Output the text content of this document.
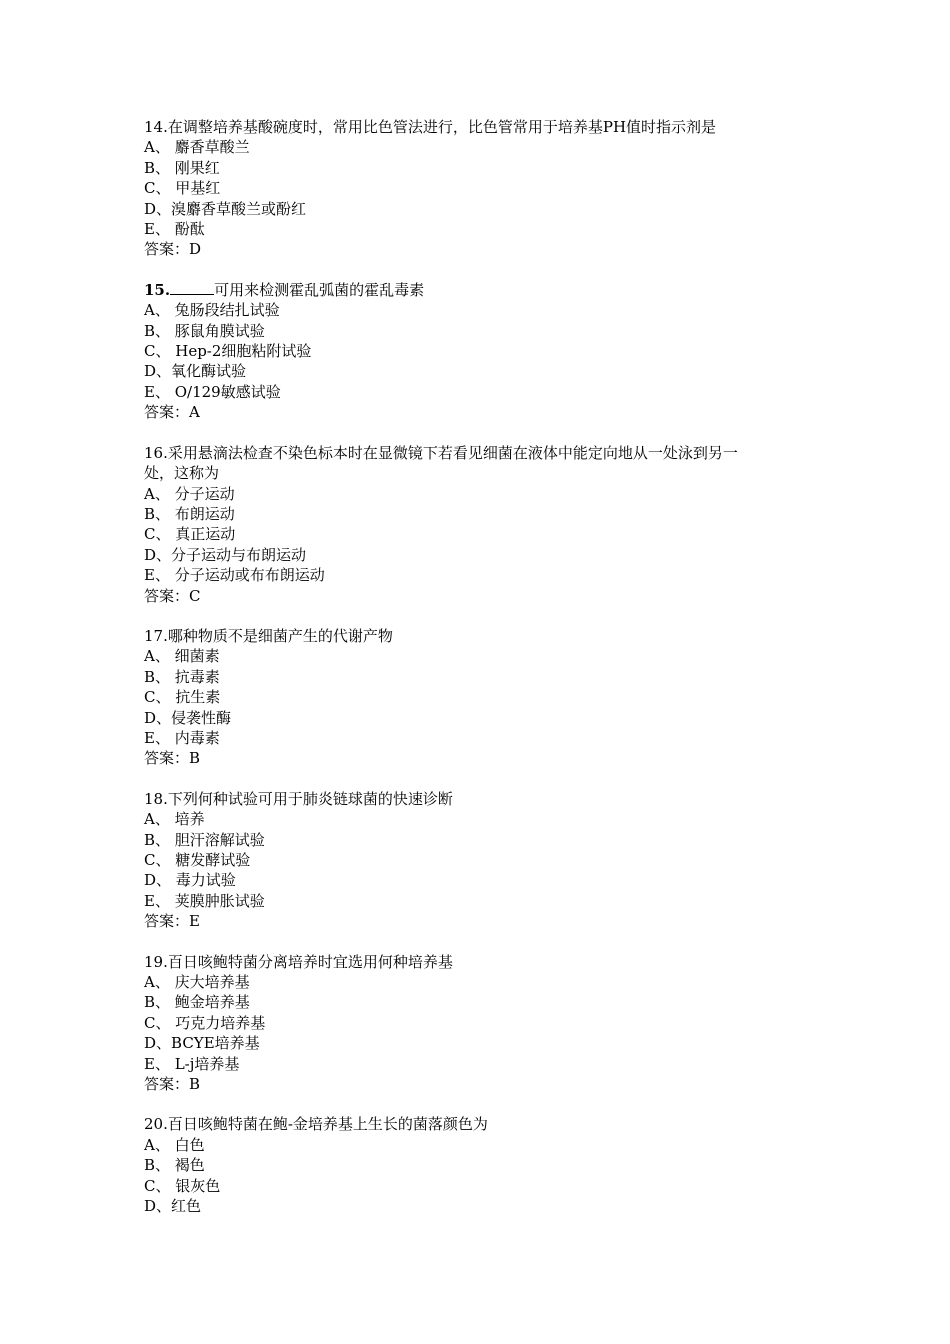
14.在调整培养基酸碗度时，常用比色管法进行，比色管常用于培养基PH值时指示剂是

A、 麝香草酸兰

B、 刚果红

C、 甲基红

D、溴麝香草酸兰或酚红

E、 酚酞

答案：D

15.	可用来检测霍乱弧菌的霍乱毒素

A、 兔肠段结扎试验

B、 豚鼠角膜试验

C、 Hep-2细胞粘附试验

D、氧化酶试验

E、 O/129敏感试验

答案：A

16.采用悬滴法检查不染色标本时在显微镜下若看见细菌在液体中能定向地从一处泳到另一

处，这称为

A、 分子运动

B、 布朗运动

C、 真正运动

D、分子运动与布朗运动

E、 分子运动或布布朗运动

答案：C

17.哪种物质不是细菌产生的代谢产物

A、 细菌素

B、 抗毒素

C、 抗生素

D、侵袭性酶

E、 内毒素

答案：B

18.下列何种试验可用于肺炎链球菌的快速诊断

A、 培养

B、 胆汗溶解试验

C、 糖发酵试验

D、 毒力试验

E、 荚膜肿胀试验

答案：E

19.百日咳鲍特菌分离培养时宜选用何种培养基

A、 庆大培养基

B、 鲍金培养基

C、 巧克力培养基

D、BCYE培养基

E、 L-j培养基

答案：B

20.百日咳鲍特菌在鲍-金培养基上生长的菌落颜色为

A、 白色

B、 褐色

C、 银灰色

D、红色
